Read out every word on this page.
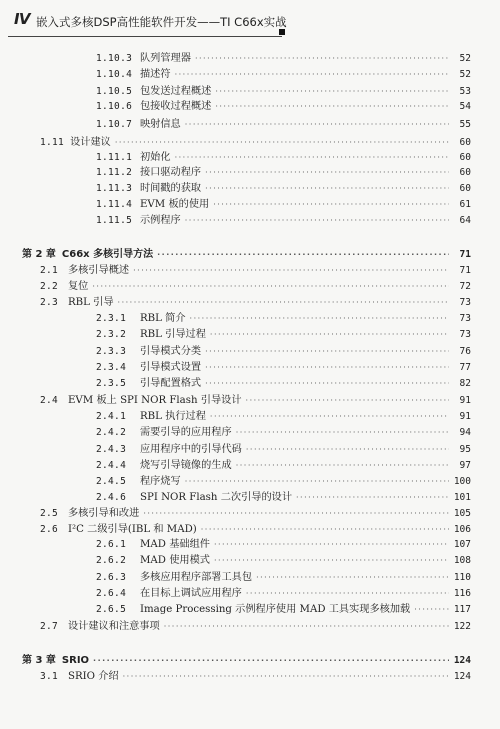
Ⅳ 嵌入式多核DSP高性能软件开发——TI C66x实战
1.10.3 队列管理器 ·····	52
1.10.4 描述符 ·····	52
1.10.5 包发送过程概述 ·····	53
1.10.6 包接收过程概述 ·····	54
1.10.7 映射信息 ·····	55
1.11 设计建议 ·····	60
1.11.1 初始化 ·····	60
1.11.2 接口驱动程序 ·····	60
1.11.3 时间戳的获取 ·····	60
1.11.4 EVM 板的使用 ·····	61
1.11.5 示例程序 ·····	64
第 2 章 C66x 多核引导方法 ·····	71
2.1 多核引导概述 ·····	71
2.2 复位 ·····	72
2.3 RBL 引导 ·····	73
2.3.1	RBL 简介 ·····	73
2.3.2	RBL 引导过程 ·····	73
2.3.3	引导模式分类 ·····	76
2.3.4	引导模式设置 ·····	77
2.3.5	引导配置格式 ·····	82
2.4 EVM 板上 SPI NOR Flash 引导设计 ·····	91
2.4.1	RBL 执行过程 ·····	91
2.4.2	需要引导的应用程序 ·····	94
2.4.3	应用程序中的引导代码 ·····	95
2.4.4	烧写引导镜像的生成 ·····	97
2.4.5	程序烧写 ·····	100
2.4.6	SPI NOR Flash 二次引导的设计 ·····	101
2.5 多核引导和改进 ·····	105
2.6 I²C 二级引导(IBL 和 MAD) ·····	106
2.6.1	MAD 基础组件 ·····	107
2.6.2	MAD 使用模式 ·····	108
2.6.3	多核应用程序部署工具包 ·····	110
2.6.4	在目标上调试应用程序 ·····	116
2.6.5	Image Processing 示例程序使用 MAD 工具实现多核加载 ·····	117
2.7 设计建议和注意事项 ·····	122
第 3 章 SRIO ·····	124
3.1 SRIO 介绍 ·····	124
